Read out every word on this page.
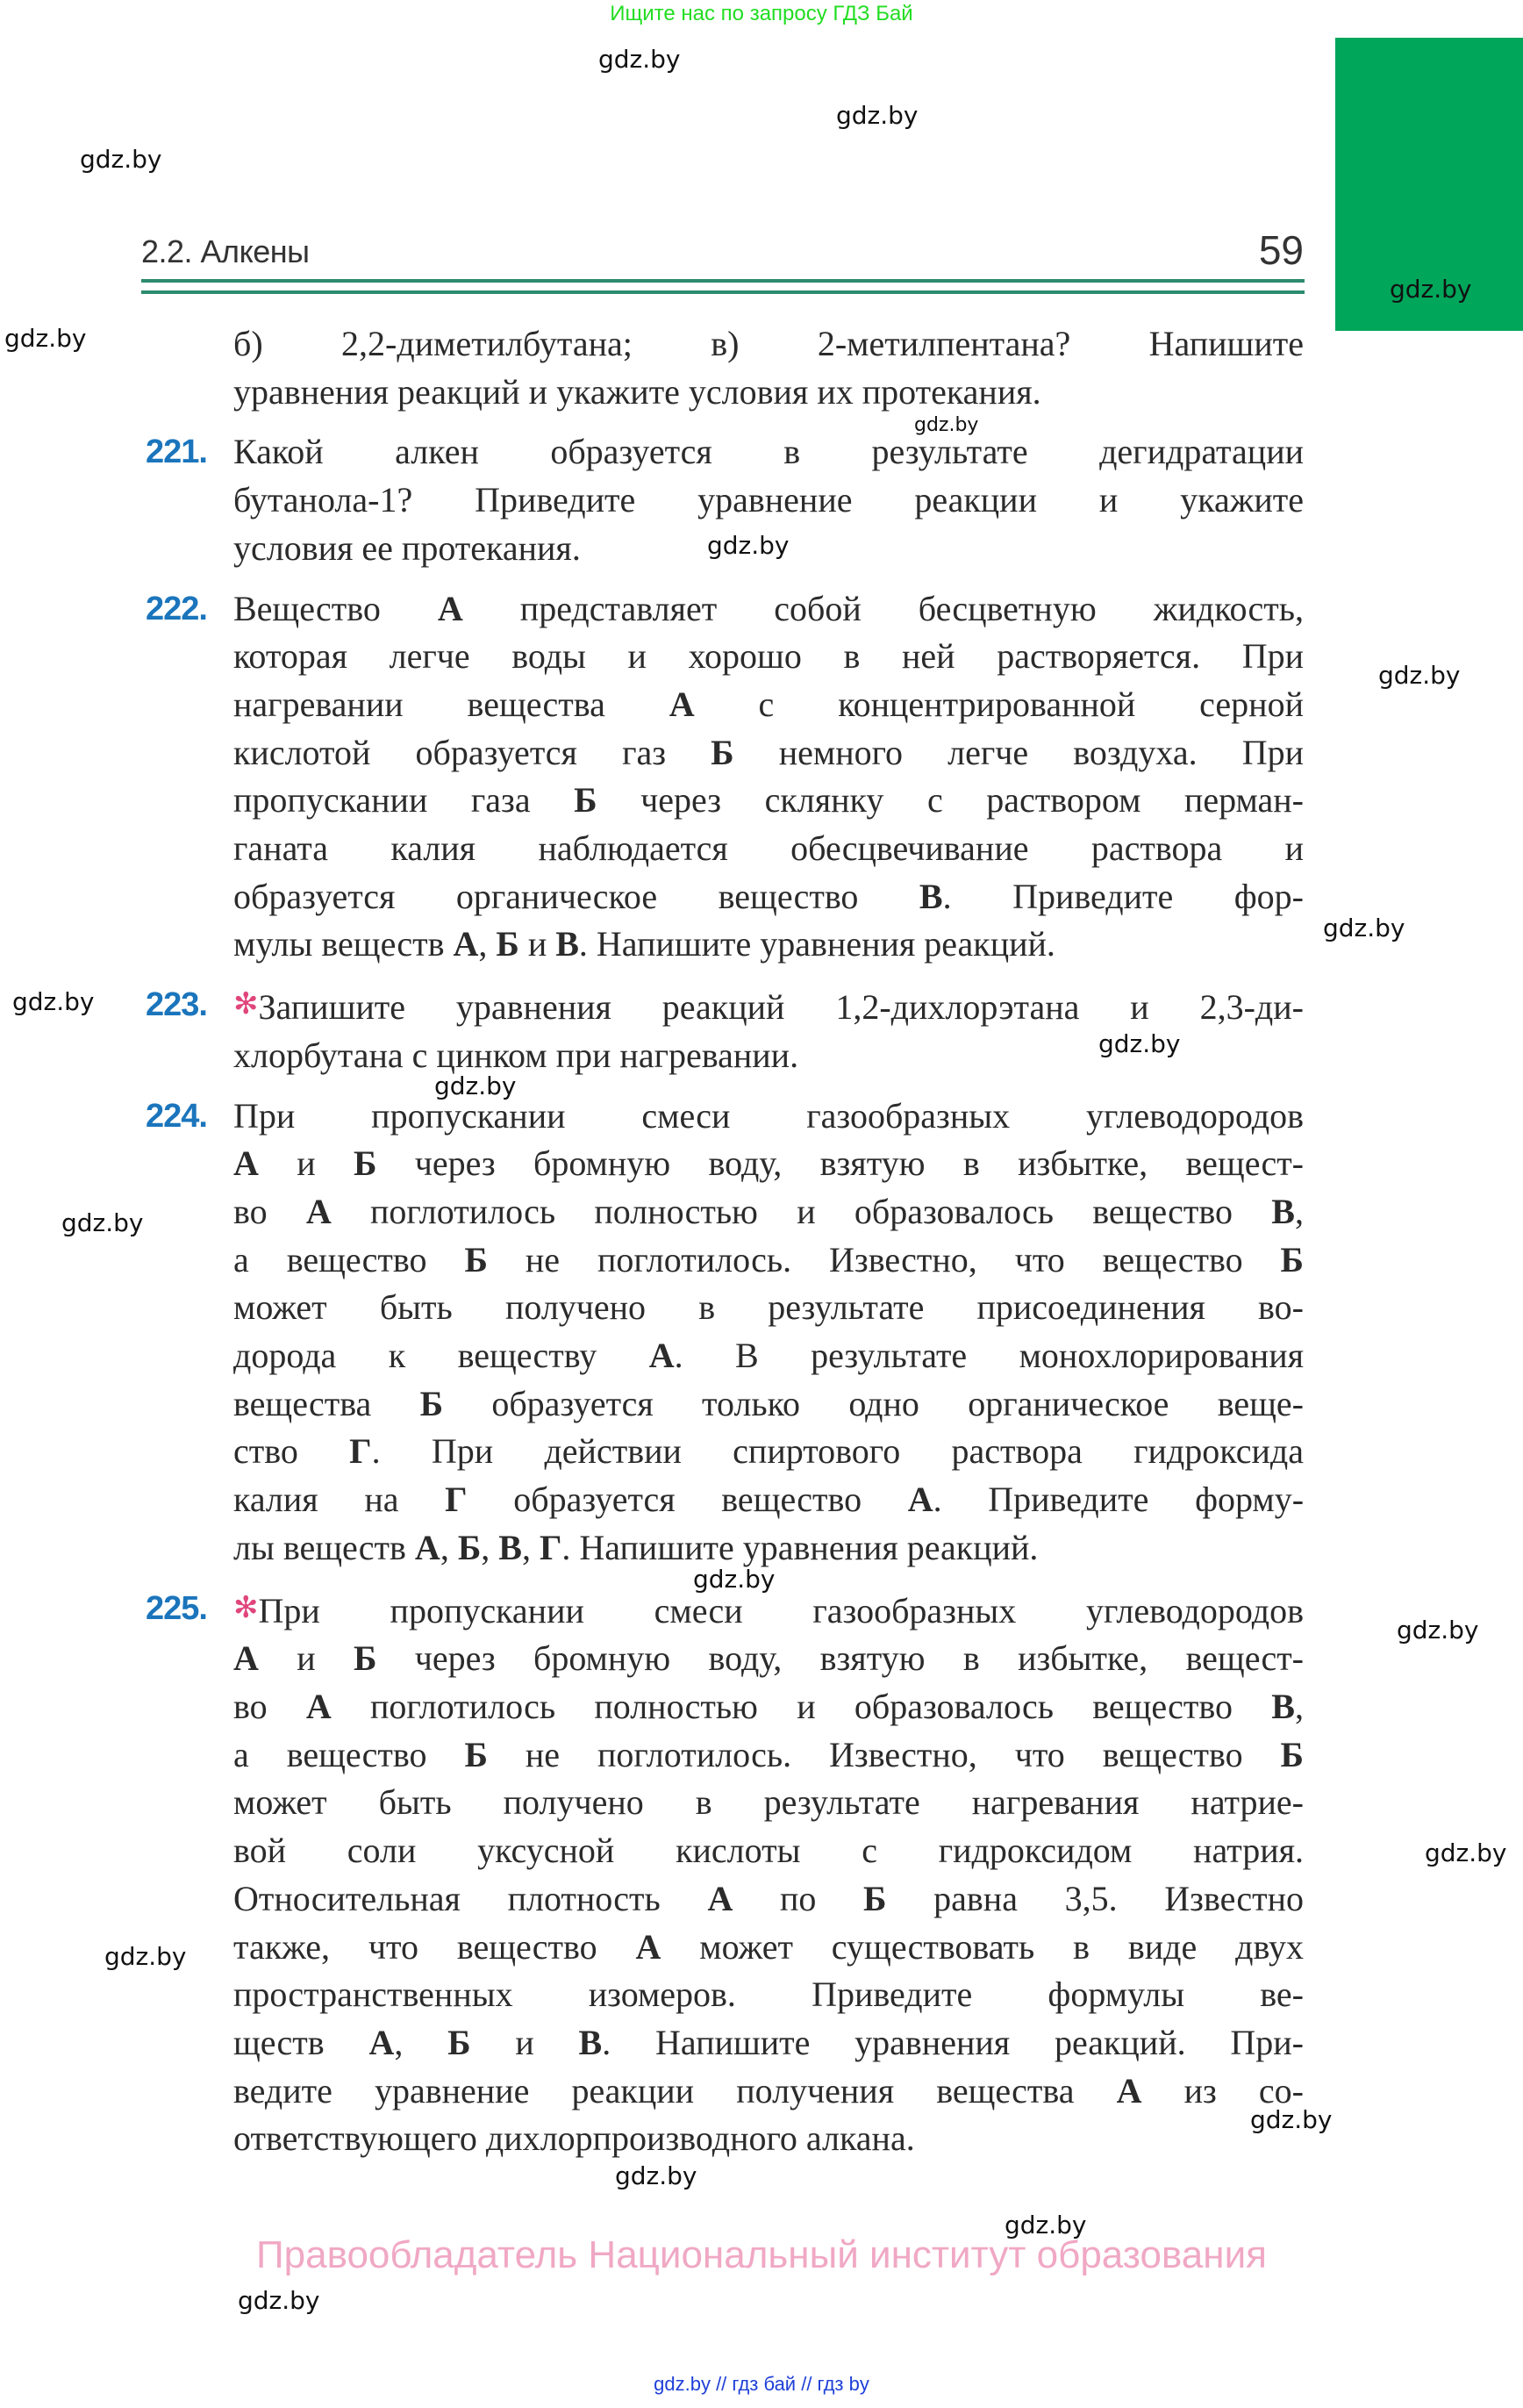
Ищите нас по запросу ГДЗ Бай
2.2. Алкены	59
б) 2,2-диметилбутана; в) 2-метилпентана? Напишите
уравнения реакций и укажите условия их протекания.
221. Какой алкен образуется в результате дегидратации
бутанола-1? Приведите уравнение реакции и укажите
условия ее протекания.
222. Вещество А представляет собой бесцветную жидкость,
которая легче воды и хорошо в ней растворяется. При
нагревании вещества А с концентрированной серной
кислотой образуется газ Б немного легче воздуха. При
пропускании газа Б через склянку с раствором перман-
ганата калия наблюдается обесцвечивание раствора и
образуется органическое вещество В. Приведите фор-
мулы веществ А, Б и В. Напишите уравнения реакций.
223. ✻Запишите уравнения реакций 1,2-дихлорэтана и 2,3-ди-
хлорбутана с цинком при нагревании.
224. При пропускании смеси газообразных углеводородов
А и Б через бромную воду, взятую в избытке, вещест-
во А поглотилось полностью и образовалось вещество В,
а вещество Б не поглотилось. Известно, что вещество Б
может быть получено в результате присоединения во-
дорода к веществу А. В результате монохлорирования
вещества Б образуется только одно органическое веще-
ство Г. При действии спиртового раствора гидроксида
калия на Г образуется вещество А. Приведите форму-
лы веществ А, Б, В, Г. Напишите уравнения реакций.
225. ✻При пропускании смеси газообразных углеводородов
А и Б через бромную воду, взятую в избытке, вещест-
во А поглотилось полностью и образовалось вещество В,
а вещество Б не поглотилось. Известно, что вещество Б
может быть получено в результате нагревания натрие-
вой соли уксусной кислоты с гидроксидом натрия.
Относительная плотность А по Б равна 3,5. Известно
также, что вещество А может существовать в виде двух
пространственных изомеров. Приведите формулы ве-
ществ А, Б и В. Напишите уравнения реакций. При-
ведите уравнение реакции получения вещества А из со-
ответствующего дихлорпроизводного алкана.
gdz.by
gdz.by
gdz.by
gdz.by
gdz.by
gdz.by
gdz.by
gdz.by
gdz.by
gdz.by
gdz.by
gdz.by
gdz.by
gdz.by
gdz.by
gdz.by
gdz.by
gdz.by
gdz.by
gdz.by
gdz.by
Правообладатель Национальный институт образования
gdz.by // гдз бай // гдз by
